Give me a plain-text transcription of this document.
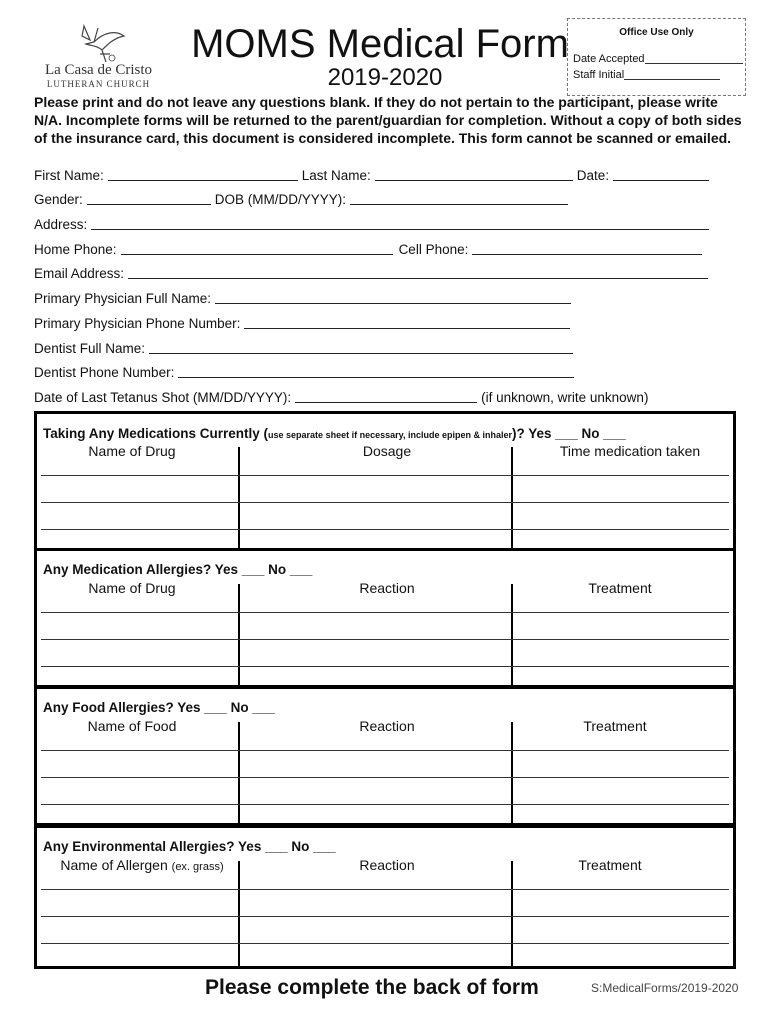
La Casa de Cristo
LUTHERAN CHURCH
MOMS Medical Form
2019-2020
Office Use Only
Date Accepted
Staff Initial
Please print and do not leave any questions blank. If they do not pertain to the participant, please write N/A. Incomplete forms will be returned to the parent/guardian for completion. Without a copy of both sides of the insurance card, this document is considered incomplete. This form cannot be scanned or emailed.
First Name:	Last Name:	Date:
Gender:	DOB (MM/DD/YYYY):
Address:
Home Phone:	Cell Phone:
Email Address:
Primary Physician Full Name:
Primary Physician Phone Number:
Dentist Full Name:
Dentist Phone Number:
Date of Last Tetanus Shot (MM/DD/YYYY):	(if unknown, write unknown)
Taking Any Medications Currently (use separate sheet if necessary, include epipen & inhaler)? Yes ___ No ___
Name of Drug	Dosage	Time medication taken
Any Medication Allergies? Yes ___ No ___
Name of Drug	Reaction	Treatment
Any Food Allergies? Yes ___ No ___
Name of Food	Reaction	Treatment
Any Environmental Allergies? Yes ___ No ___
Name of Allergen (ex. grass)	Reaction	Treatment
Please complete the back of form	S:MedicalForms/2019-2020
